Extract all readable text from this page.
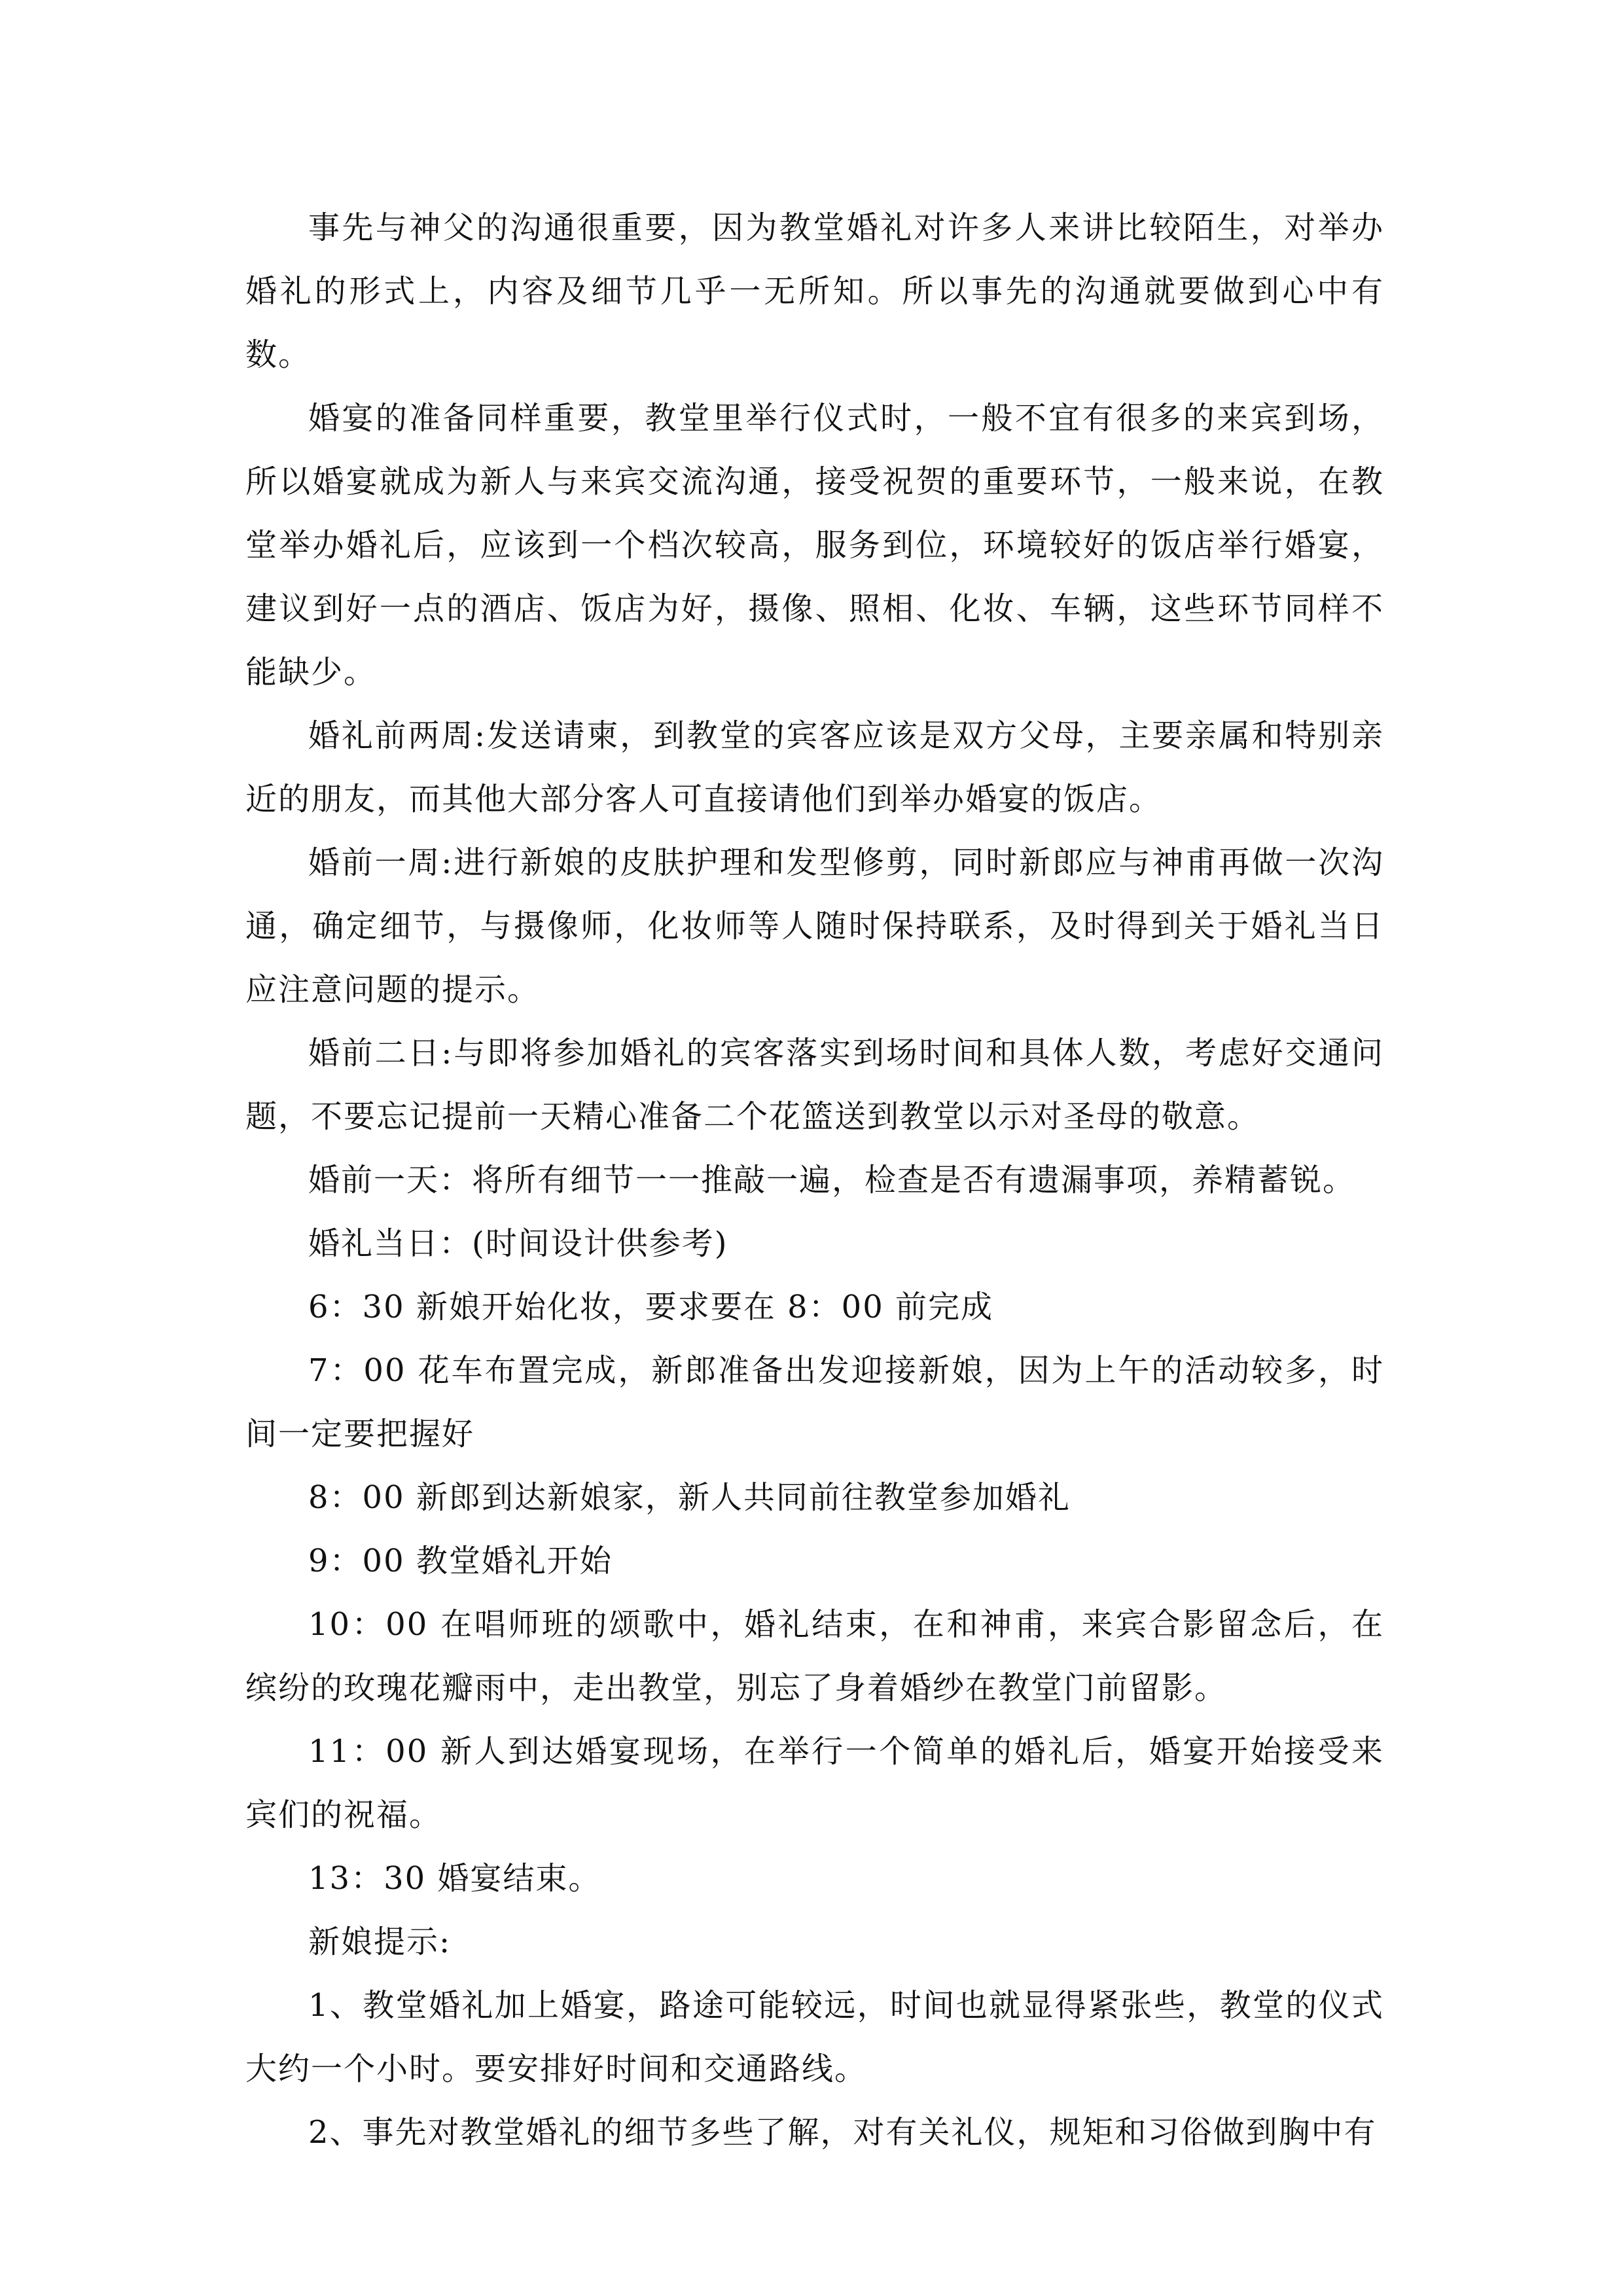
事先与神父的沟通很重要，因为教堂婚礼对许多人来讲比较陌生，对举办婚礼的形式上，内容及细节几乎一无所知。所以事先的沟通就要做到心中有数。

婚宴的准备同样重要，教堂里举行仪式时，一般不宜有很多的来宾到场，所以婚宴就成为新人与来宾交流沟通，接受祝贺的重要环节，一般来说，在教堂举办婚礼后，应该到一个档次较高，服务到位，环境较好的饭店举行婚宴，建议到好一点的酒店、饭店为好，摄像、照相、化妆、车辆，这些环节同样不能缺少。

婚礼前两周:发送请柬，到教堂的宾客应该是双方父母，主要亲属和特别亲近的朋友，而其他大部分客人可直接请他们到举办婚宴的饭店。

婚前一周:进行新娘的皮肤护理和发型修剪，同时新郎应与神甫再做一次沟通，确定细节，与摄像师，化妆师等人随时保持联系，及时得到关于婚礼当日应注意问题的提示。

婚前二日:与即将参加婚礼的宾客落实到场时间和具体人数，考虑好交通问题，不要忘记提前一天精心准备二个花篮送到教堂以示对圣母的敬意。

婚前一天：将所有细节一一推敲一遍，检查是否有遗漏事项，养精蓄锐。

婚礼当日：(时间设计供参考)

6：30 新娘开始化妆，要求要在 8：00 前完成

7：00 花车布置完成，新郎准备出发迎接新娘，因为上午的活动较多，时间一定要把握好

8：00 新郎到达新娘家，新人共同前往教堂参加婚礼

9：00 教堂婚礼开始

10：00 在唱师班的颂歌中，婚礼结束，在和神甫，来宾合影留念后，在缤纷的玫瑰花瓣雨中，走出教堂，别忘了身着婚纱在教堂门前留影。

11：00 新人到达婚宴现场，在举行一个简单的婚礼后，婚宴开始接受来宾们的祝福。

13：30 婚宴结束。

新娘提示:

1、教堂婚礼加上婚宴，路途可能较远，时间也就显得紧张些，教堂的仪式大约一个小时。要安排好时间和交通路线。

2、事先对教堂婚礼的细节多些了解，对有关礼仪，规矩和习俗做到胸中有
